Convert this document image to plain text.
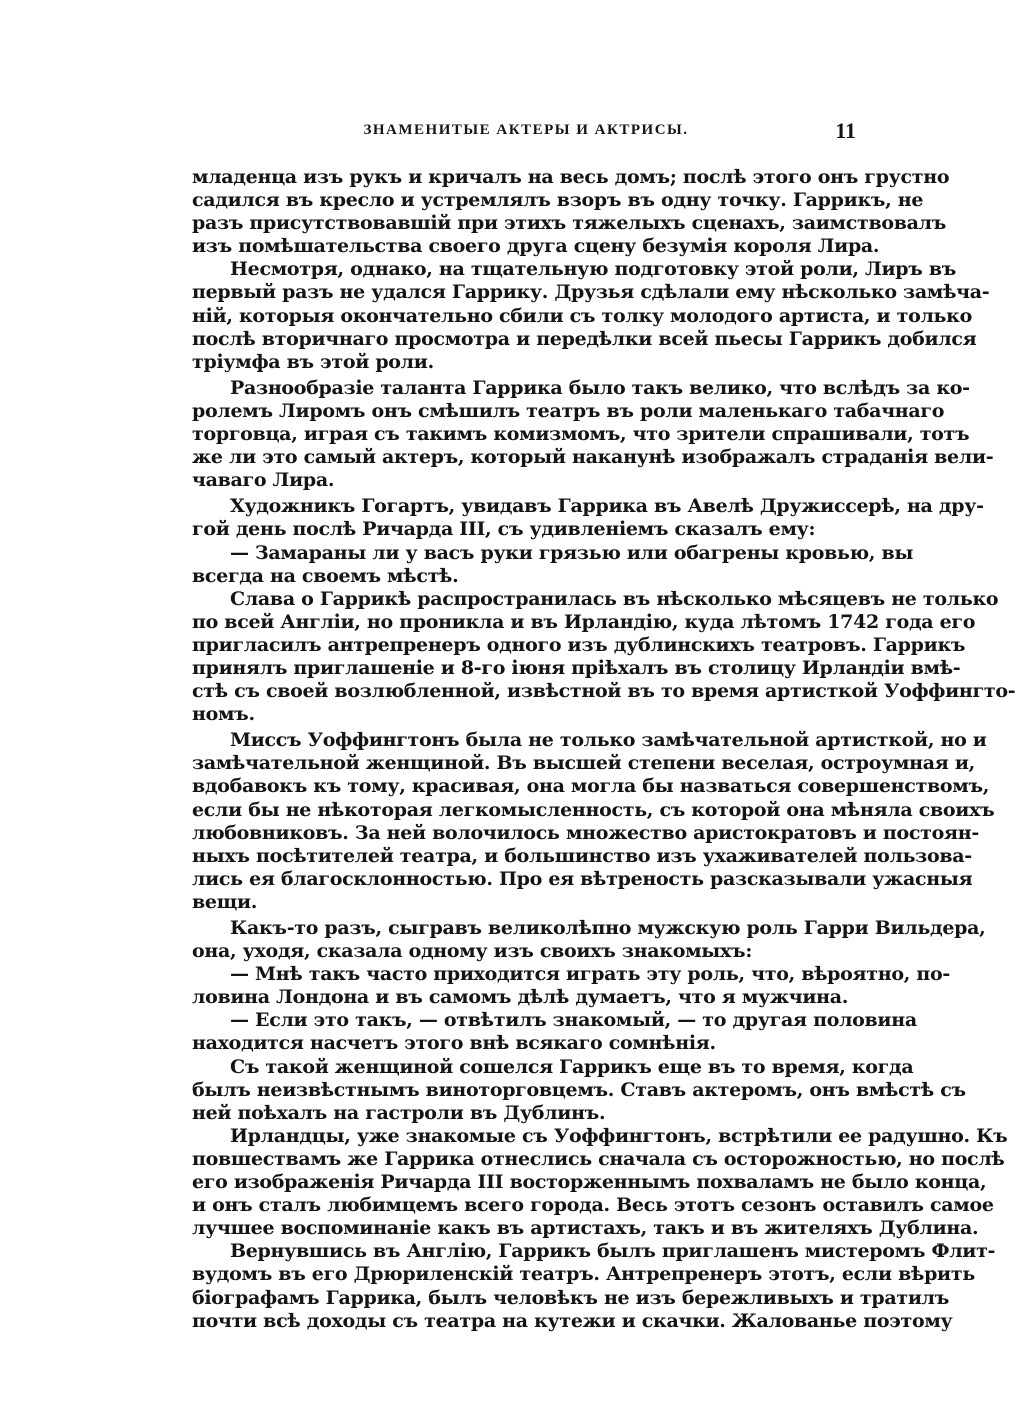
ЗНАМЕНИТЫЕ АКТЕРЫ И АКТРИСЫ.	11
младенца изъ рукъ и кричалъ на весь домъ; послѣ этого онъ грустно
садился въ кресло и устремлялъ взоръ въ одну точку. Гаррикъ, не
разъ присутствовавшій при этихъ тяжелыхъ сценахъ, заимствовалъ
изъ помѣшательства своего друга сцену безумія короля Лира.
Несмотря, однако, на тщательную подготовку этой роли, Лиръ въ
первый разъ не удался Гаррику. Друзья сдѣлали ему нѣсколько замѣча-
ній, которыя окончательно сбили съ толку молодого артиста, и только
послѣ вторичнаго просмотра и передѣлки всей пьесы Гаррикъ добился
тріумфа въ этой роли.
Разнообразіе таланта Гаррика было такъ велико, что вслѣдъ за ко-
ролемъ Лиромъ онъ смѣшилъ театръ въ роли маленькаго табачнаго
торговца, играя съ такимъ комизмомъ, что зрители спрашивали, тотъ
же ли это самый актеръ, который наканунѣ изображалъ страданія вели-
чаваго Лира.
Художникъ Гогартъ, увидавъ Гаррика въ Авелѣ Дружиссерѣ, на дру-
гой день послѣ Ричарда III, съ удивленіемъ сказалъ ему:
— Замараны ли у васъ руки грязью или обагрены кровью, вы
всегда на своемъ мѣстѣ.
Слава о Гаррикѣ распространилась въ нѣсколько мѣсяцевъ не только
по всей Англіи, но проникла и въ Ирландію, куда лѣтомъ 1742 года его
пригласилъ антрепренеръ одного изъ дублинскихъ театровъ. Гаррикъ
принялъ приглашеніе и 8-го іюня пріѣхалъ въ столицу Ирландіи вмѣ-
стѣ съ своей возлюбленной, извѣстной въ то время артисткой Уоффингто-
номъ.
Миссъ Уоффингтонъ была не только замѣчательной артисткой, но и
замѣчательной женщиной. Въ высшей степени веселая, остроумная и,
вдобавокъ къ тому, красивая, она могла бы назваться совершенствомъ,
если бы не нѣкоторая легкомысленность, съ которой она мѣняла своихъ
любовниковъ. За ней волочилось множество аристократовъ и постоян-
ныхъ посѣтителей театра, и большинство изъ ухаживателей пользова-
лись ея благосклонностью. Про ея вѣтреность разсказывали ужасныя
вещи.
Какъ-то разъ, сыгравъ великолѣпно мужскую роль Гарри Вильдера,
она, уходя, сказала одному изъ своихъ знакомыхъ:
— Мнѣ такъ часто приходится играть эту роль, что, вѣроятно, по-
ловина Лондона и въ самомъ дѣлѣ думаетъ, что я мужчина.
— Если это такъ, — отвѣтилъ знакомый, — то другая половина
находится насчетъ этого внѣ всякаго сомнѣнія.
Съ такой женщиной сошелся Гаррикъ еще въ то время, когда
былъ неизвѣстнымъ виноторговцемъ. Ставъ актеромъ, онъ вмѣстѣ съ
ней поѣхалъ на гастроли въ Дублинъ.
Ирландцы, уже знакомые съ Уоффингтонъ, встрѣтили ее радушно. Къ
повшествамъ же Гаррика отнеслись сначала съ осторожностью, но послѣ
его изображенія Ричарда III восторженнымъ похваламъ не было конца,
и онъ сталъ любимцемъ всего города. Весь этотъ сезонъ оставилъ самое
лучшее воспоминаніе какъ въ артистахъ, такъ и въ жителяхъ Дублина.
Вернувшись въ Англію, Гаррикъ былъ приглашенъ мистеромъ Флит-
вудомъ въ его Дрюриленскій театръ. Антрепренеръ этотъ, если вѣрить
біографамъ Гаррика, былъ человѣкъ не изъ бережливыхъ и тратилъ
почти всѣ доходы съ театра на кутежи и скачки. Жалованье поэтому
